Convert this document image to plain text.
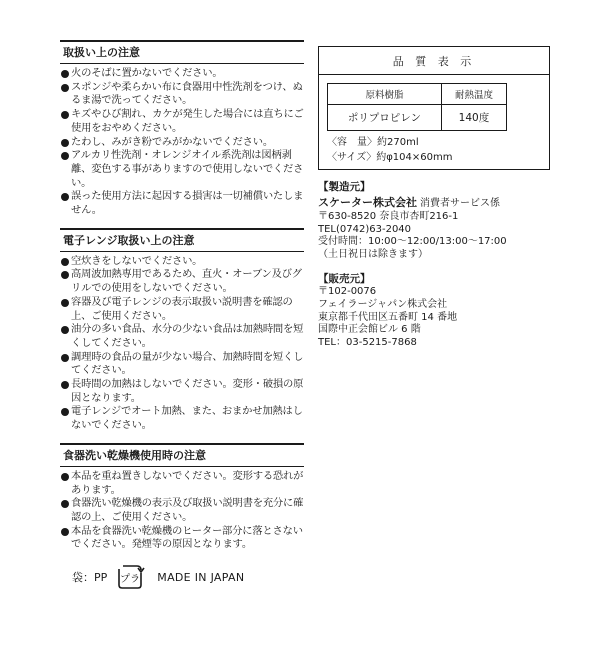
取扱い上の注意
火のそばに置かないでください。
スポンジや柔らかい布に食器用中性洗剤をつけ、ぬるま湯で洗ってください。
キズやひび割れ、カケが発生した場合には直ちにご使用をおやめください。
たわし、みがき粉でみがかないでください。
アルカリ性洗剤・オレンジオイル系洗剤は図柄剥離、変色する事がありますので使用しないでください。
誤った使用方法に起因する損害は一切補償いたしません。
電子レンジ取扱い上の注意
空炊きをしないでください。
高周波加熱専用であるため、直火・オーブン及びグリルでの使用をしないでください。
容器及び電子レンジの表示取扱い説明書を確認の上、ご使用ください。
油分の多い食品、水分の少ない食品は加熱時間を短くしてください。
調理時の食品の量が少ない場合、加熱時間を短くしてください。
長時間の加熱はしないでください。変形・破損の原因となります。
電子レンジでオート加熱、また、おまかせ加熱はしないでください。
食器洗い乾燥機使用時の注意
本品を重ね置きしないでください。変形する恐れがあります。
食器洗い乾燥機の表示及び取扱い説明書を充分に確認の上、ご使用ください。
本品を食器洗い乾燥機のヒーター部分に落とさないでください。発煙等の原因となります。
袋：PP プラ MADE IN JAPAN
品 質 表 示
原料樹脂	耐熱温度
ポリプロピレン	140度
〈容　量〉約270ml
〈サイズ〉約φ104×60mm
【製造元】
スケーター株式会社 消費者サービス係
〒630-8520 奈良市杏町216-1
TEL(0742)63-2040
受付時間：10:00～12:00/13:00～17:00
（土日祝日は除きます）
【販売元】
〒102-0076
フェイラージャパン株式会社
東京都千代田区五番町 14 番地
国際中正会館ビル 6 階
TEL：03-5215-7868
